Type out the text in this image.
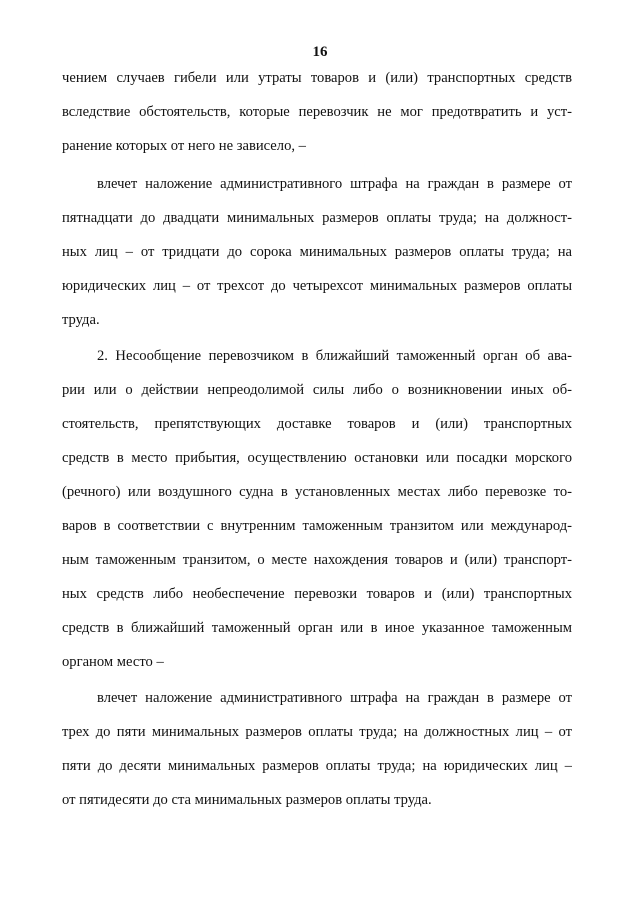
16
чением случаев гибели или утраты товаров и (или) транспортных средств
вследствие обстоятельств, которые перевозчик не мог предотвратить и уст-
ранение которых от него не зависело, –
влечет наложение административного штрафа на граждан в размере от
пятнадцати до двадцати минимальных размеров оплаты труда; на должност-
ных лиц – от тридцати до сорока минимальных размеров оплаты труда; на
юридических лиц – от трехсот до четырехсот минимальных размеров оплаты
труда.
2. Несообщение перевозчиком в ближайший таможенный орган об ава-
рии или о действии непреодолимой силы либо о возникновении иных об-
стоятельств, препятствующих доставке товаров и (или) транспортных
средств в место прибытия, осуществлению остановки или посадки морского
(речного) или воздушного судна в установленных местах либо перевозке то-
варов в соответствии с внутренним таможенным транзитом или международ-
ным таможенным транзитом, о месте нахождения товаров и (или) транспорт-
ных средств либо необеспечение перевозки товаров и (или) транспортных
средств в ближайший таможенный орган или в иное указанное таможенным
органом место –
влечет наложение административного штрафа на граждан в размере от
трех до пяти минимальных размеров оплаты труда; на должностных лиц – от
пяти до десяти минимальных размеров оплаты труда; на юридических лиц –
от пятидесяти до ста минимальных размеров оплаты труда.
